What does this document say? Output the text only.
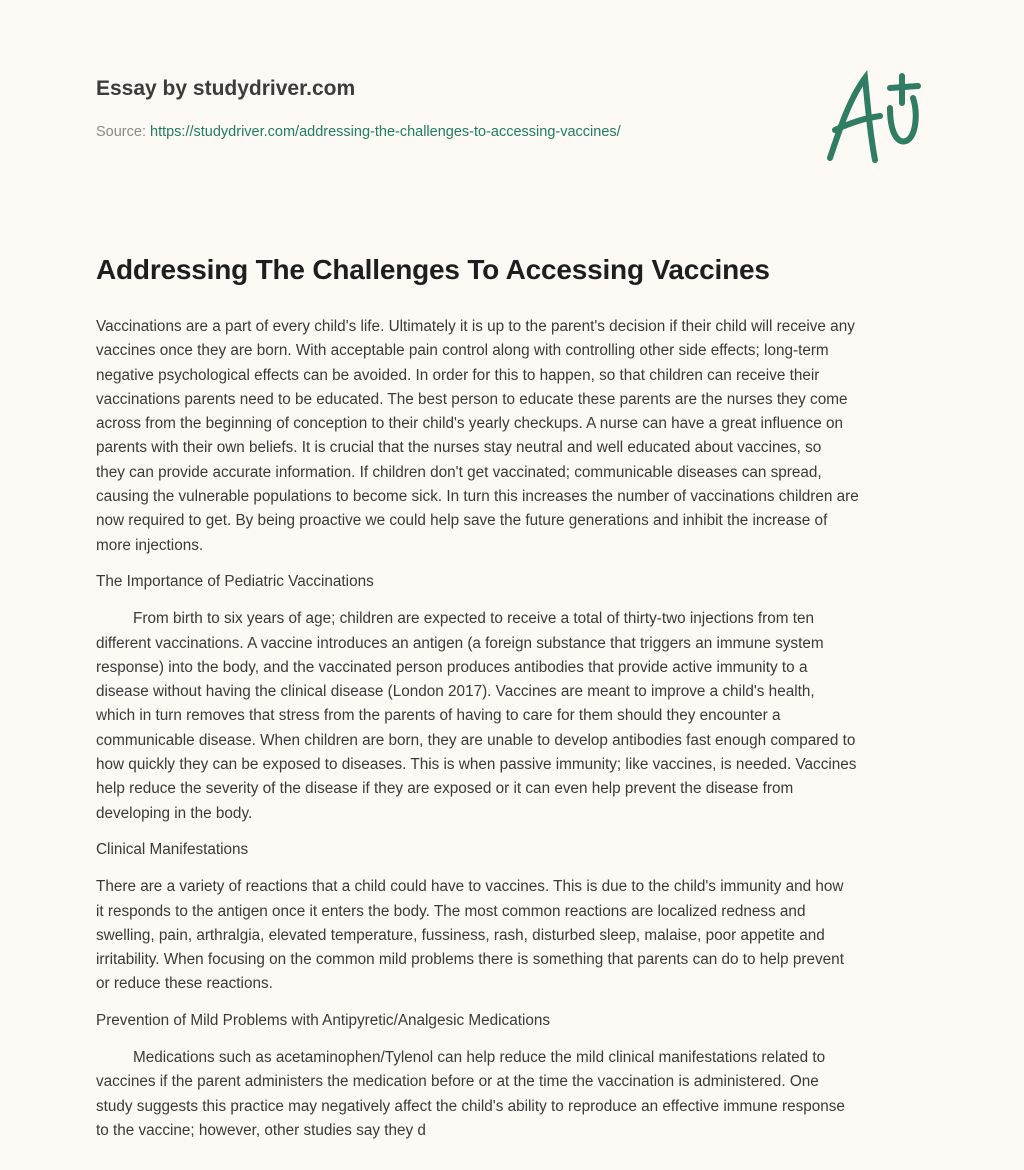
Essay by studydriver.com
Source: https://studydriver.com/addressing-the-challenges-to-accessing-vaccines/
Addressing The Challenges To Accessing Vaccines
Vaccinations are a part of every child's life. Ultimately it is up to the parent's decision if their child will receive any
vaccines once they are born. With acceptable pain control along with controlling other side effects; long-term
negative psychological effects can be avoided. In order for this to happen, so that children can receive their
vaccinations parents need to be educated. The best person to educate these parents are the nurses they come
across from the beginning of conception to their child's yearly checkups. A nurse can have a great influence on
parents with their own beliefs. It is crucial that the nurses stay neutral and well educated about vaccines, so
they can provide accurate information. If children don't get vaccinated; communicable diseases can spread,
causing the vulnerable populations to become sick. In turn this increases the number of vaccinations children are
now required to get. By being proactive we could help save the future generations and inhibit the increase of
more injections.
The Importance of Pediatric Vaccinations
From birth to six years of age; children are expected to receive a total of thirty-two injections from ten
different vaccinations. A vaccine introduces an antigen (a foreign substance that triggers an immune system
response) into the body, and the vaccinated person produces antibodies that provide active immunity to a
disease without having the clinical disease (London 2017). Vaccines are meant to improve a child's health,
which in turn removes that stress from the parents of having to care for them should they encounter a
communicable disease. When children are born, they are unable to develop antibodies fast enough compared to
how quickly they can be exposed to diseases. This is when passive immunity; like vaccines, is needed. Vaccines
help reduce the severity of the disease if they are exposed or it can even help prevent the disease from
developing in the body.
Clinical Manifestations
There are a variety of reactions that a child could have to vaccines. This is due to the child's immunity and how
it responds to the antigen once it enters the body. The most common reactions are localized redness and
swelling, pain, arthralgia, elevated temperature, fussiness, rash, disturbed sleep, malaise, poor appetite and
irritability. When focusing on the common mild problems there is something that parents can do to help prevent
or reduce these reactions.
Prevention of Mild Problems with Antipyretic/Analgesic Medications
Medications such as acetaminophen/Tylenol can help reduce the mild clinical manifestations related to
vaccines if the parent administers the medication before or at the time the vaccination is administered. One
study suggests this practice may negatively affect the child's ability to reproduce an effective immune response
to the vaccine; however, other studies say they d
